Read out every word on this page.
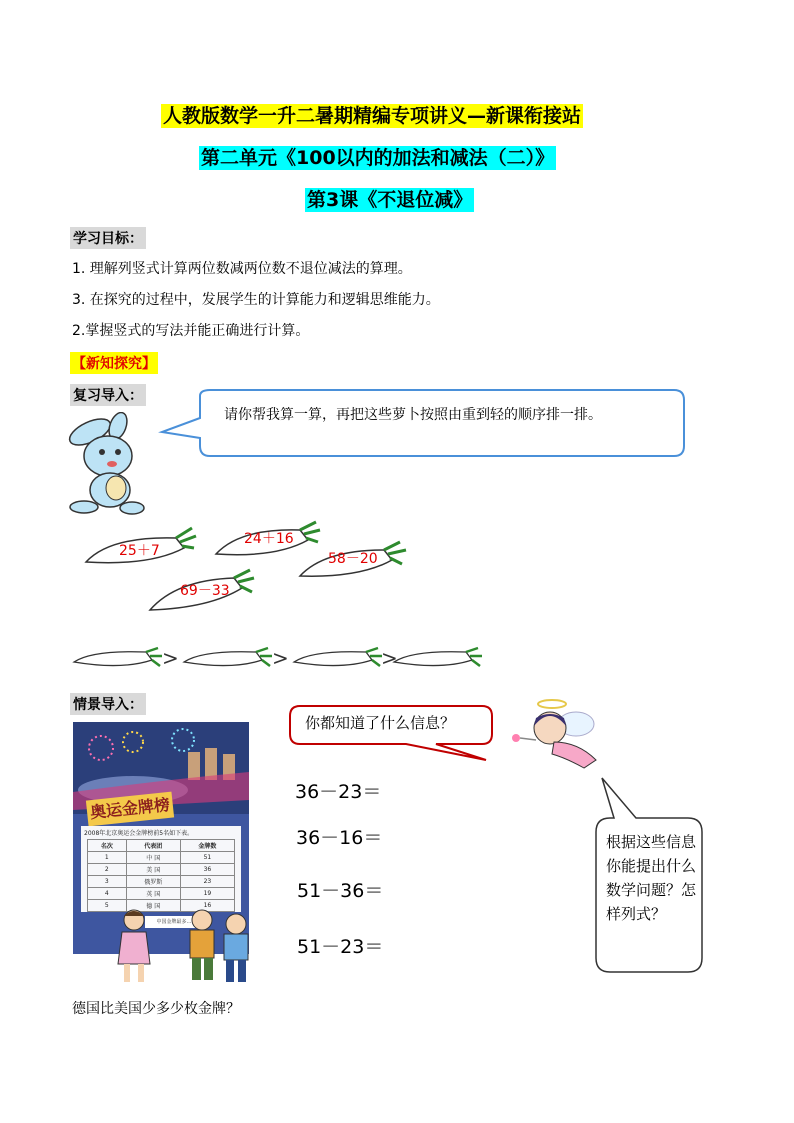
人教版数学一升二暑期精编专项讲义—新课衔接站
第二单元《100以内的加法和减法（二）》
第3课《不退位减》
学习目标：
1. 理解列竖式计算两位数减两位数不退位减法的算理。
3. 在探究的过程中，发展学生的计算能力和逻辑思维能力。
2.掌握竖式的写法并能正确进行计算。
【新知探究】
复习导入：
请你帮我算一算，再把这些萝卜按照由重到轻的顺序排一排。
25＋7
24＋16
58－20
69－33
>	>	>
情景导入：
奥运金牌榜
2008年北京奥运会金牌榜前5名如下表。
名次	代表团	金牌数
1	中 国	51
2	美 国	36
3	俄罗斯	23
4	英 国	19
5	德 国	16
中国金牌最多…
你都知道了什么信息？
36－23＝
36－16＝
51－36＝
51－23＝
根据这些信息你能提出什么数学问题？怎样列式？
德国比美国少多少枚金牌？
